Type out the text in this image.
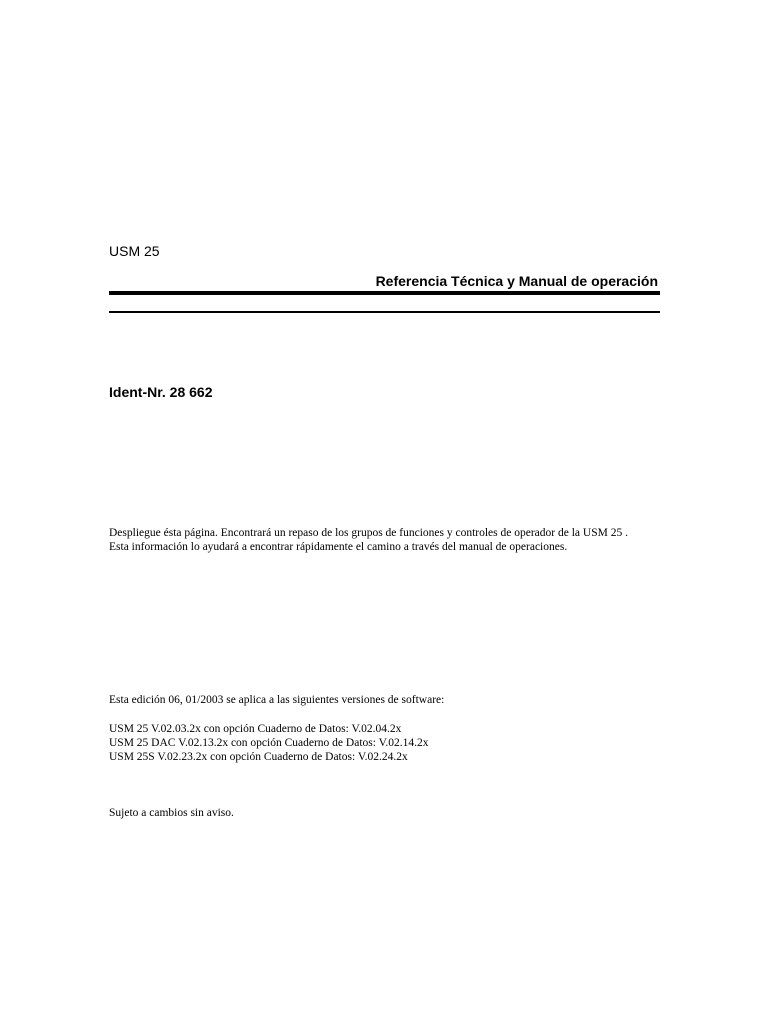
USM 25
Referencia Técnica y Manual de operación
Ident-Nr. 28 662

Despliegue ésta página. Encontrará un repaso de los grupos de funciones y controles de operador de la USM 25 .

Esta información lo ayudará a encontrar rápidamente el camino a través del manual de operaciones.

Esta edición 06, 01/2003 se aplica a las siguientes versiones de software:
USM 25 V.02.03.2x con opción Cuaderno de Datos: V.02.04.2x
USM 25 DAC V.02.13.2x con opción Cuaderno de Datos: V.02.14.2x
USM 25S V.02.23.2x con opción Cuaderno de Datos: V.02.24.2x
Sujeto a cambios sin aviso.
